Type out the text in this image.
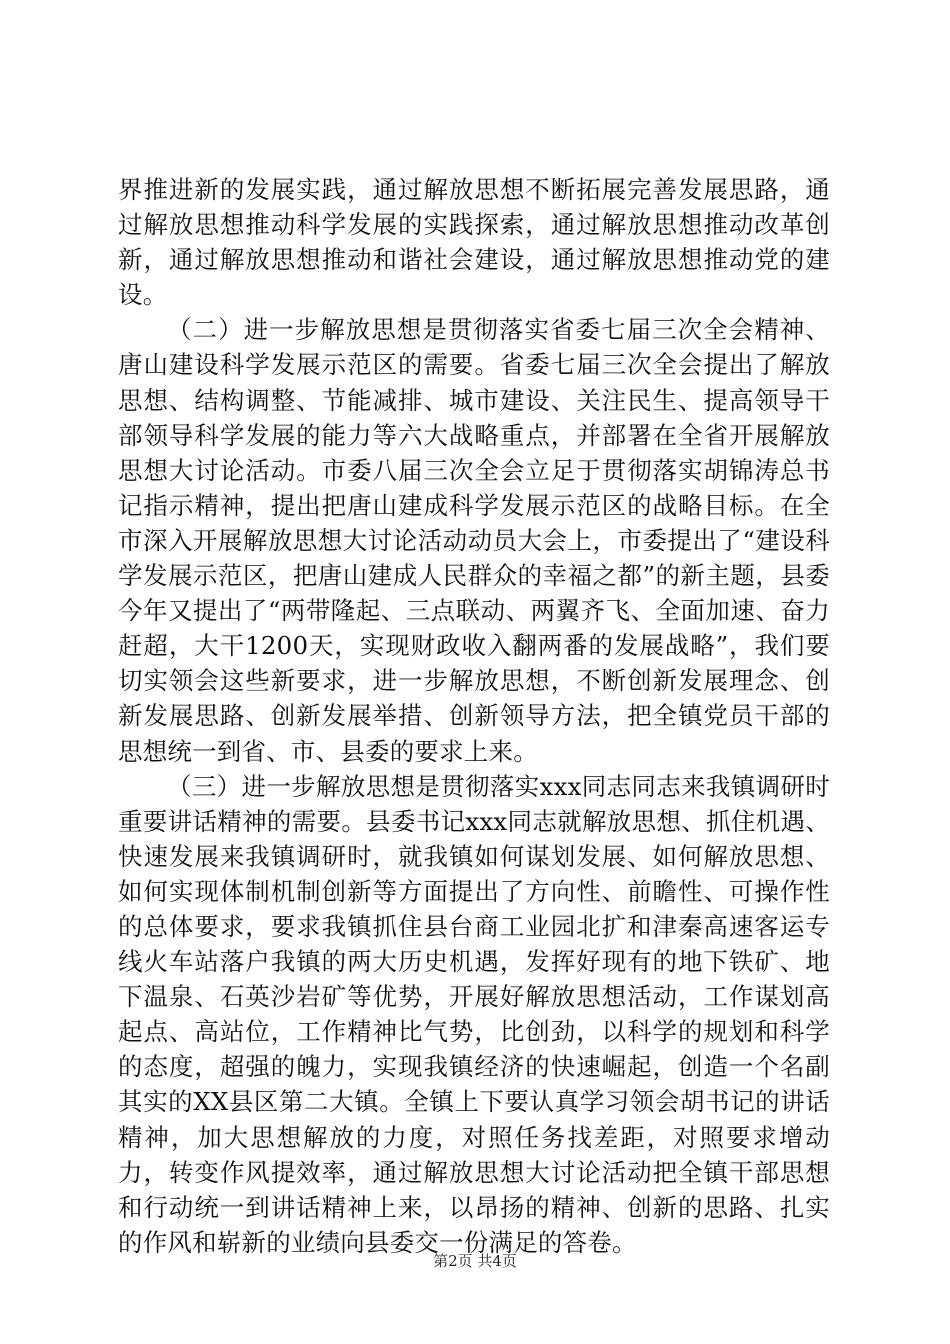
界推进新的发展实践，通过解放思想不断拓展完善发展思路，通过解放思想推动科学发展的实践探索，通过解放思想推动改革创新，通过解放思想推动和谐社会建设，通过解放思想推动党的建设。

（二）进一步解放思想是贯彻落实省委七届三次全会精神、唐山建设科学发展示范区的需要。省委七届三次全会提出了解放思想、结构调整、节能减排、城市建设、关注民生、提高领导干部领导科学发展的能力等六大战略重点，并部署在全省开展解放思想大讨论活动。市委八届三次全会立足于贯彻落实胡锦涛总书记指示精神，提出把唐山建成科学发展示范区的战略目标。在全市深入开展解放思想大讨论活动动员大会上，市委提出了“建设科学发展示范区，把唐山建成人民群众的幸福之都”的新主题，县委今年又提出了“两带隆起、三点联动、两翼齐飞、全面加速、奋力赶超，大干1200天，实现财政收入翻两番的发展战略”，我们要切实领会这些新要求，进一步解放思想，不断创新发展理念、创新发展思路、创新发展举措、创新领导方法，把全镇党员干部的思想统一到省、市、县委的要求上来。

（三）进一步解放思想是贯彻落实xxx同志同志来我镇调研时重要讲话精神的需要。县委书记xxx同志就解放思想、抓住机遇、快速发展来我镇调研时，就我镇如何谋划发展、如何解放思想、如何实现体制机制创新等方面提出了方向性、前瞻性、可操作性的总体要求，要求我镇抓住县台商工业园北扩和津秦高速客运专线火车站落户我镇的两大历史机遇，发挥好现有的地下铁矿、地下温泉、石英沙岩矿等优势，开展好解放思想活动，工作谋划高起点、高站位，工作精神比气势，比创劲，以科学的规划和科学的态度，超强的魄力，实现我镇经济的快速崛起，创造一个名副其实的XX县区第二大镇。全镇上下要认真学习领会胡书记的讲话精神，加大思想解放的力度，对照任务找差距，对照要求增动力，转变作风提效率，通过解放思想大讨论活动把全镇干部思想和行动统一到讲话精神上来，以昂扬的精神、创新的思路、扎实的作风和崭新的业绩向县委交一份满足的答卷。

第2页 共4页
